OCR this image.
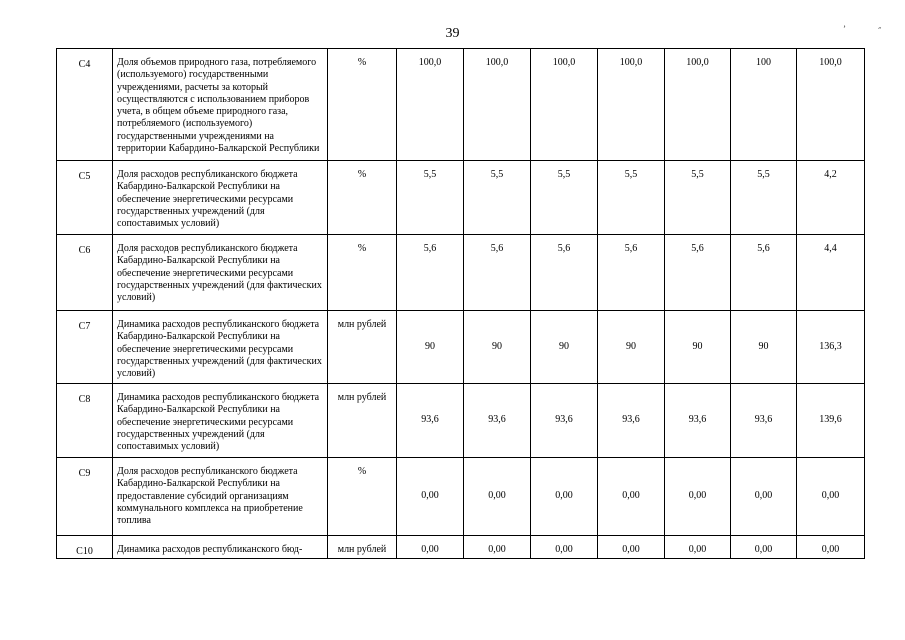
39	ʼ	״
C4	Доля объемов природного газа, потребляемого (используемого) государственными учреждениями, расчеты за который осуществляются с использованием приборов учета, в общем объеме природного газа, потребляемого (используемого) государственными учреждениями на территории Кабардино-Балкарской Республики	%	100,0	100,0	100,0	100,0	100,0	100	100,0
C5	Доля расходов республиканского бюджета Кабардино-Балкарской Республики на обеспечение энергетическими ресурсами государственных учреждений (для сопоставимых условий)	%	5,5	5,5	5,5	5,5	5,5	5,5	4,2
C6	Доля расходов республиканского бюджета Кабардино-Балкарской Республики на обеспечение энергетическими ресурсами государственных учреждений (для фактических условий)	%	5,6	5,6	5,6	5,6	5,6	5,6	4,4
C7	Динамика расходов республиканского бюджета Кабардино-Балкарской Республики на обеспечение энергетическими ресурсами государственных учреждений (для фактических условий)	млн рублей	90	90	90	90	90	90	136,3
C8	Динамика расходов республиканского бюджета Кабардино-Балкарской Республики на обеспечение энергетическими ресурсами государственных учреждений (для сопоставимых условий)	млн рублей	93,6	93,6	93,6	93,6	93,6	93,6	139,6
C9	Доля расходов республиканского бюджета Кабардино-Балкарской Республики на предоставление субсидий организациям коммунального комплекса на приобретение топлива	%	0,00	0,00	0,00	0,00	0,00	0,00	0,00
C10	Динамика расходов республиканского бюд-	млн рублей	0,00	0,00	0,00	0,00	0,00	0,00	0,00
